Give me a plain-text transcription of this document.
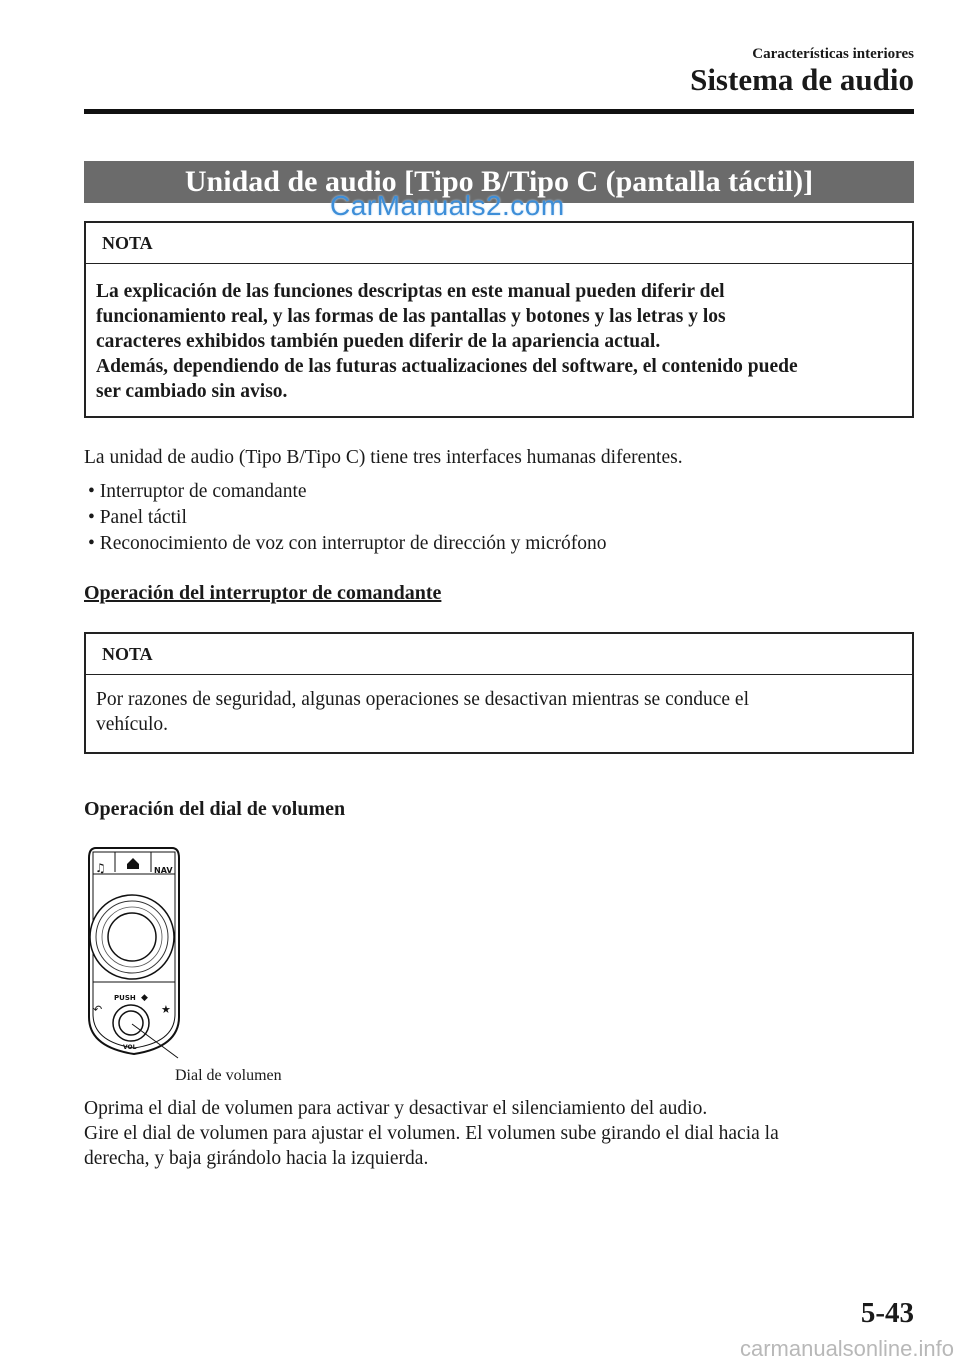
Características interiores
Sistema de audio
Unidad de audio [Tipo B/Tipo C (pantalla táctil)]
CarManuals2.com
NOTA
La explicación de las funciones descriptas en este manual pueden diferir del
funcionamiento real, y las formas de las pantallas y botones y las letras y los
caracteres exhibidos también pueden diferir de la apariencia actual.
Además, dependiendo de las futuras actualizaciones del software, el contenido puede
ser cambiado sin aviso.
La unidad de audio (Tipo B/Tipo C) tiene tres interfaces humanas diferentes.
• Interruptor de comandante
• Panel táctil
• Reconocimiento de voz con interruptor de dirección y micrófono
Operación del interruptor de comandante
NOTA
Por razones de seguridad, algunas operaciones se desactivan mientras se conduce el
vehículo.
Operación del dial de volumen
♫	NAV
↶
PUSH ◆
★
VOL
Dial de volumen
Oprima el dial de volumen para activar y desactivar el silenciamiento del audio.
Gire el dial de volumen para ajustar el volumen. El volumen sube girando el dial hacia la
derecha, y baja girándolo hacia la izquierda.
5-43
carmanualsonline.info
